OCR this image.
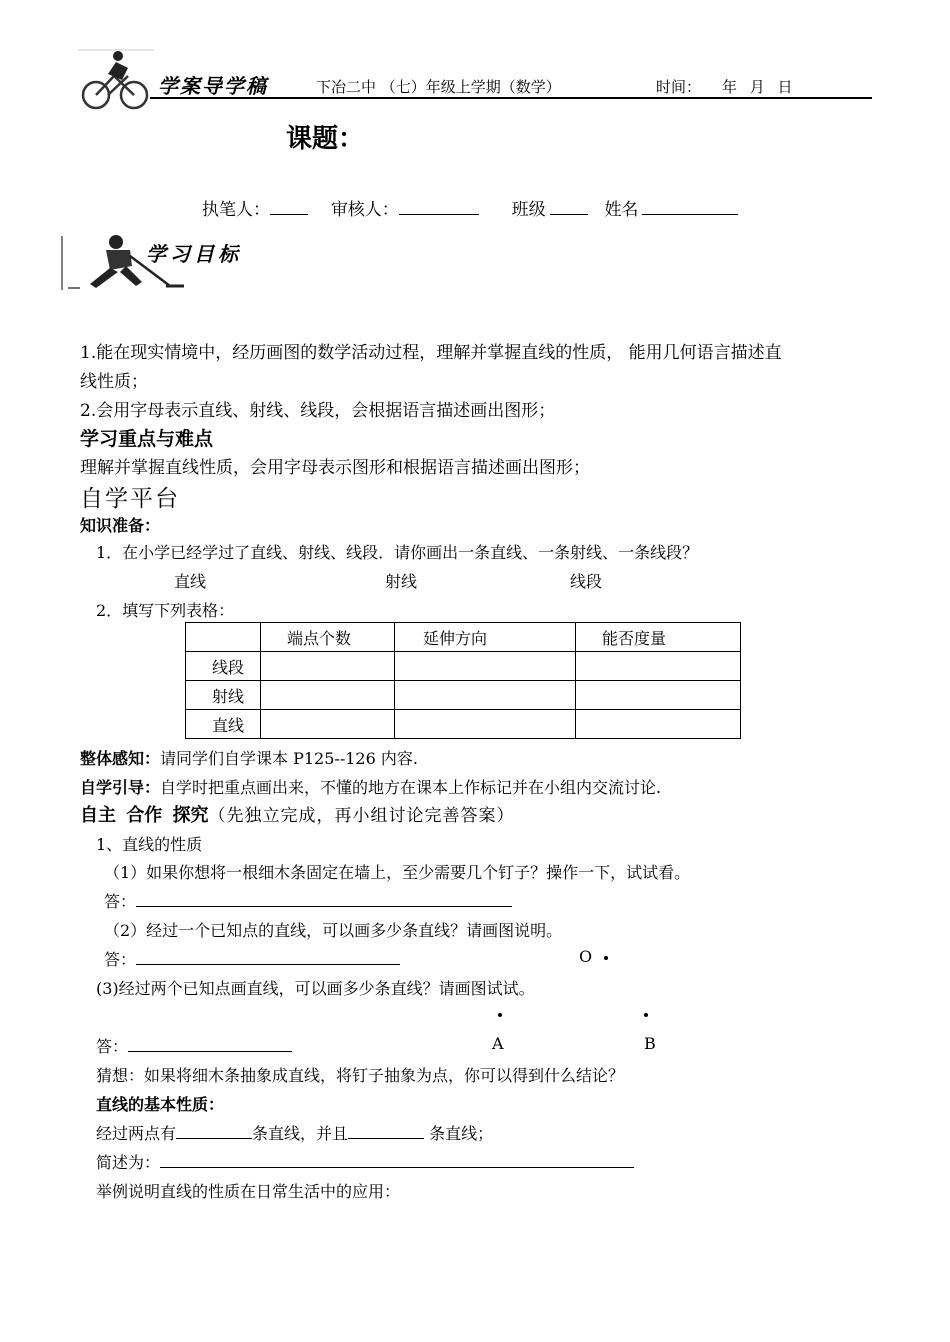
学案导学稿	下冶二中 （七）年级上学期（数学）	时间： 年 月 日
课题：
执笔人：	审核人：	班级	姓名
学习目标
1.能在现实情境中，经历画图的数学活动过程，理解并掌握直线的性质， 能用几何语言描述直
线性质；
2.会用字母表示直线、射线、线段，会根据语言描述画出图形；
学习重点与难点
理解并掌握直线性质，会用字母表示图形和根据语言描述画出图形；
自学平台
知识准备：
1．在小学已经学过了直线、射线、线段．请你画出一条直线、一条射线、一条线段？
直线	射线	线段
2．填写下列表格：
	端点个数	延伸方向	能否度量
线段			
射线			
直线			
整体感知：请同学们自学课本 P125--126 内容.
自学引导：自学时把重点画出来，不懂的地方在课本上作标记并在小组内交流讨论.
自主 合作 探究（先独立完成，再小组讨论完善答案）
1、直线的性质
（1）如果你想将一根细木条固定在墙上，至少需要几个钉子？操作一下，试试看。
答：
（2）经过一个已知点的直线，可以画多少条直线？请画图说明。
答：	O
(3)经过两个已知点画直线，可以画多少条直线？请画图试试。
答：	A	B
猜想：如果将细木条抽象成直线，将钉子抽象为点，你可以得到什么结论？
直线的基本性质：
经过两点有	条直线，并且	条直线；
简述为：
举例说明直线的性质在日常生活中的应用：
